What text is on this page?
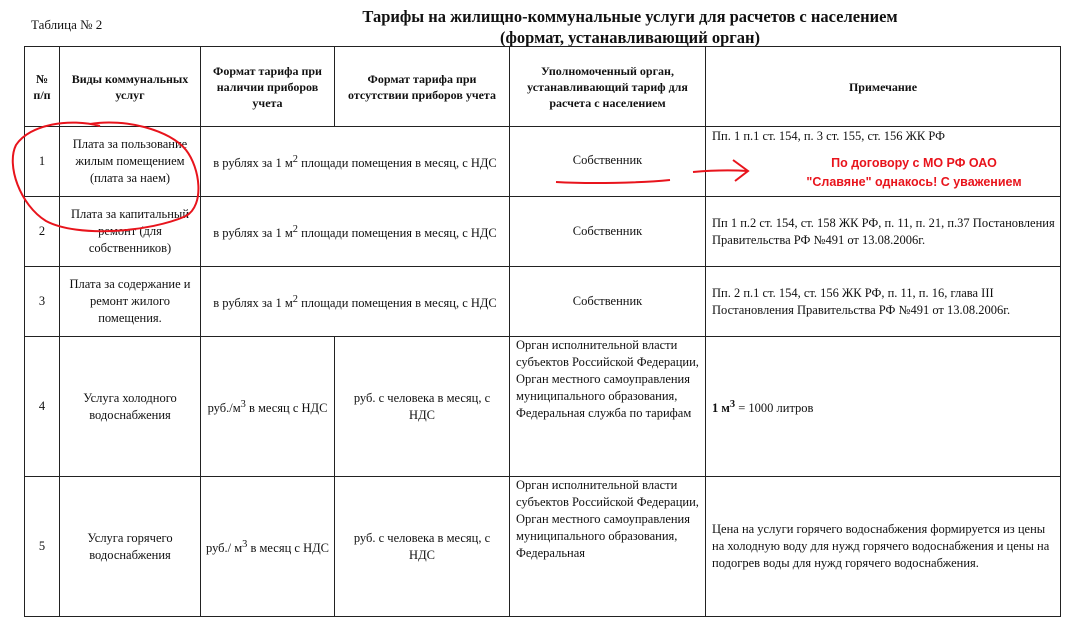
Таблица № 2	Тарифы на жилищно-коммунальные услуги для расчетов с населением
(формат, устанавливающий орган)
№ п/п	Виды коммунальных услуг	Формат тарифа при наличии приборов учета	Формат тарифа при отсутствии приборов учета	Уполномоченный орган, устанавливающий тариф для расчета с населением	Примечание
1	Плата за пользование жилым помещением (плата за наем)	в рублях за 1 $м^2$ площади помещения в месяц, с НДС		Собственник	Пп. 1 п.1 ст. 154, п. 3 ст. 155, ст. 156 ЖК РФ
2	Плата за капитальный ремонт (для собственников)	в рублях за 1 $м^2$ площади помещения в месяц, с НДС		Собственник	Пп 1 п.2 ст. 154, ст. 158 ЖК РФ, п. 11, п. 21, п.37 Постановления Правительства РФ №491 от 13.08.2006г.
3	Плата за содержание и ремонт жилого помещения.	в рублях за 1 $м^2$ площади помещения в месяц, с НДС		Собственник	Пп. 2 п.1 ст. 154, ст. 156 ЖК РФ, п. 11, п. 16, глава III Постановления Правительства РФ №491 от 13.08.2006г.
4	Услуга холодного водоснабжения	$руб./м^3$ в месяц с НДС	руб. с человека в месяц, с НДС	Орган исполнительной власти субъектов Российской Федерации, Орган местного самоуправления муниципального образования, Федеральная служба по тарифам	1 $м^3 = 1000$ литров
5	Услуга горячего водоснабжения	руб./ $м^3$ в месяц с НДС	руб. с человека в месяц, с НДС	Орган исполнительной власти субъектов Российской Федерации, Орган местного самоуправления муниципального образования, Федеральная	Цена на услуги горячего водоснабжения формируется из цены на холодную воду для нужд горячего водоснабжения и цены на подогрев воды для нужд горячего водоснабжения.
По договору с МО РФ ОАО
"Славяне" однакось! С уважением
